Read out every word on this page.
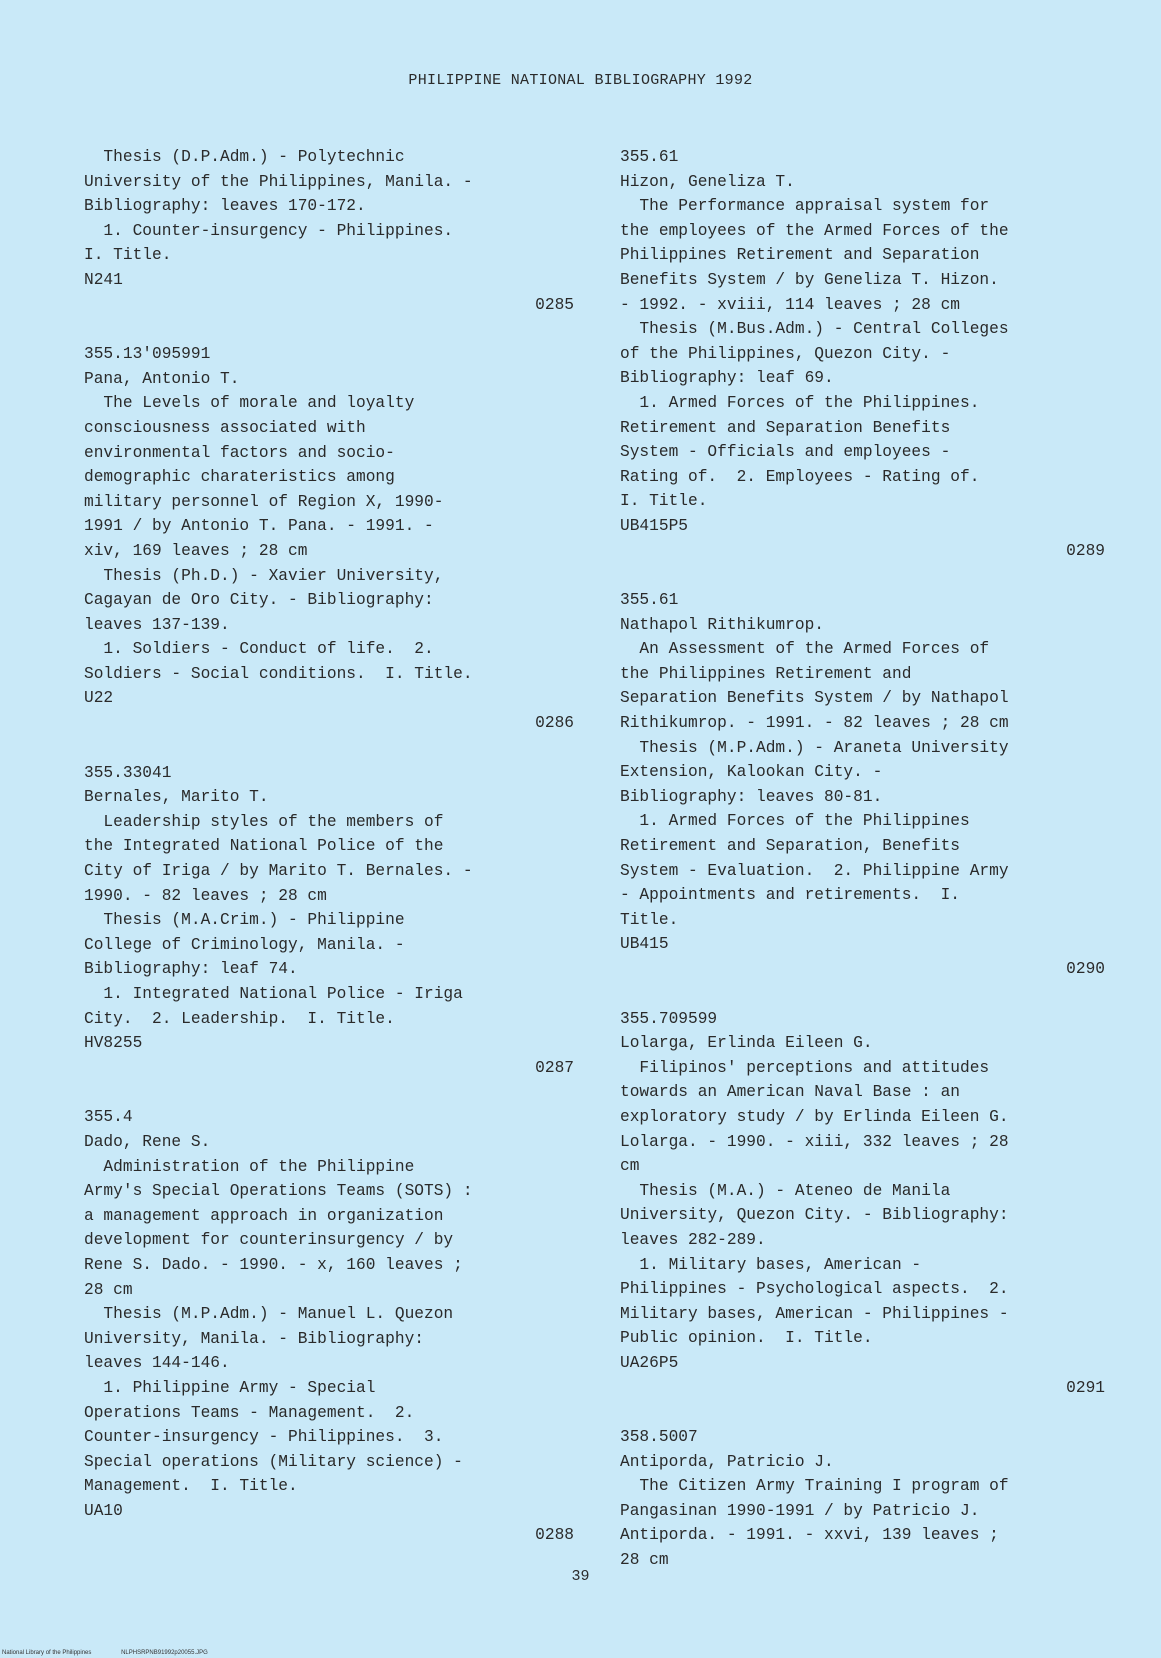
PHILIPPINE NATIONAL BIBLIOGRAPHY 1992
Thesis (D.P.Adm.) - Polytechnic
University of the Philippines, Manila. -
Bibliography: leaves 170-172.
1. Counter-insurgency - Philippines.
I. Title.
N241
0285
355.13'095991
Pana, Antonio T.
The Levels of morale and loyalty
consciousness associated with
environmental factors and socio-
demographic charateristics among
military personnel of Region X, 1990-
1991 / by Antonio T. Pana. - 1991. -
xiv, 169 leaves ; 28 cm
Thesis (Ph.D.) - Xavier University,
Cagayan de Oro City. - Bibliography:
leaves 137-139.
1. Soldiers - Conduct of life.  2.
Soldiers - Social conditions.  I. Title.
U22
0286
355.33041
Bernales, Marito T.
Leadership styles of the members of
the Integrated National Police of the
City of Iriga / by Marito T. Bernales. -
1990. - 82 leaves ; 28 cm
Thesis (M.A.Crim.) - Philippine
College of Criminology, Manila. -
Bibliography: leaf 74.
1. Integrated National Police - Iriga
City.  2. Leadership.  I. Title.
HV8255
0287
355.4
Dado, Rene S.
Administration of the Philippine
Army's Special Operations Teams (SOTS) :
a management approach in organization
development for counterinsurgency / by
Rene S. Dado. - 1990. - x, 160 leaves ;
28 cm
Thesis (M.P.Adm.) - Manuel L. Quezon
University, Manila. - Bibliography:
leaves 144-146.
1. Philippine Army - Special
Operations Teams - Management.  2.
Counter-insurgency - Philippines.  3.
Special operations (Military science) -
Management.  I. Title.
UA10
0288
355.61
Hizon, Geneliza T.
The Performance appraisal system for
the employees of the Armed Forces of the
Philippines Retirement and Separation
Benefits System / by Geneliza T. Hizon.
- 1992. - xviii, 114 leaves ; 28 cm
Thesis (M.Bus.Adm.) - Central Colleges
of the Philippines, Quezon City. -
Bibliography: leaf 69.
1. Armed Forces of the Philippines.
Retirement and Separation Benefits
System - Officials and employees -
Rating of.  2. Employees - Rating of.
I. Title.
UB415P5
0289
355.61
Nathapol Rithikumrop.
An Assessment of the Armed Forces of
the Philippines Retirement and
Separation Benefits System / by Nathapol
Rithikumrop. - 1991. - 82 leaves ; 28 cm
Thesis (M.P.Adm.) - Araneta University
Extension, Kalookan City. -
Bibliography: leaves 80-81.
1. Armed Forces of the Philippines
Retirement and Separation, Benefits
System - Evaluation.  2. Philippine Army
- Appointments and retirements.  I.
Title.
UB415
0290
355.709599
Lolarga, Erlinda Eileen G.
Filipinos' perceptions and attitudes
towards an American Naval Base : an
exploratory study / by Erlinda Eileen G.
Lolarga. - 1990. - xiii, 332 leaves ; 28
cm
Thesis (M.A.) - Ateneo de Manila
University, Quezon City. - Bibliography:
leaves 282-289.
1. Military bases, American -
Philippines - Psychological aspects.  2.
Military bases, American - Philippines -
Public opinion.  I. Title.
UA26P5
0291
358.5007
Antiporda, Patricio J.
The Citizen Army Training I program of
Pangasinan 1990-1991 / by Patricio J.
Antiporda. - 1991. - xxvi, 139 leaves ;
28 cm
39
National Library of the Philippines	NLPHSRPNB91992p20055.JPG
